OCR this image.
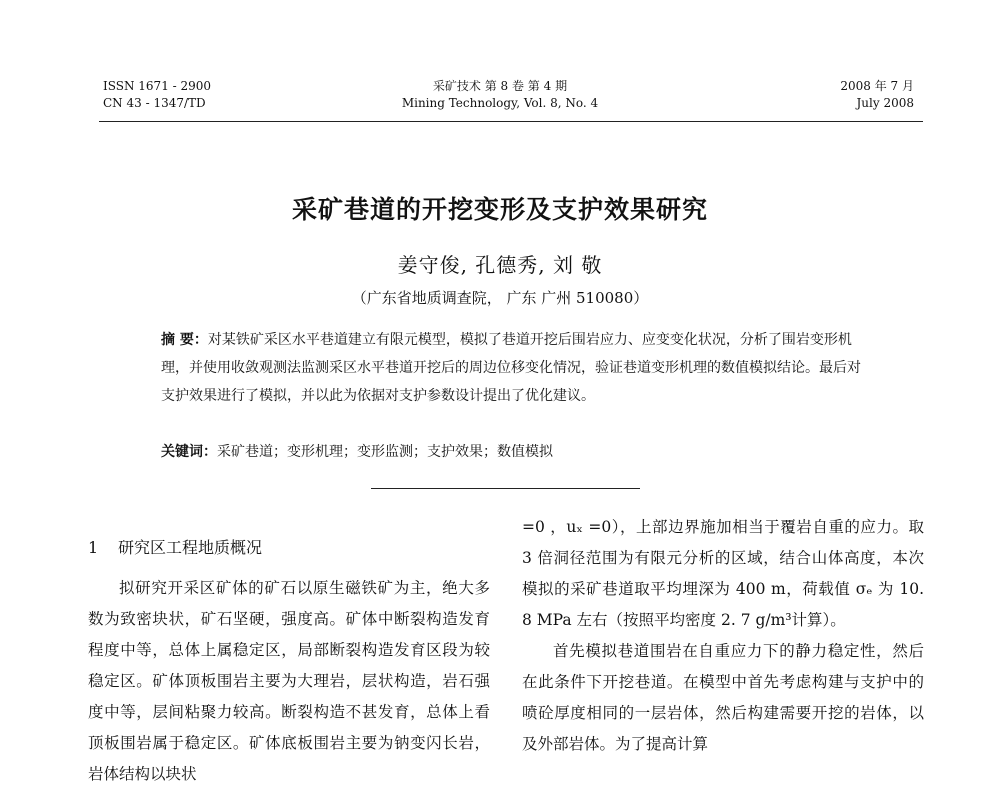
ISSN 1671 - 2900
CN 43 - 1347/TD
采矿技术 第 8 卷 第 4 期
Mining Technology, Vol. 8, No. 4
2008 年 7 月
July 2008
采矿巷道的开挖变形及支护效果研究
姜守俊, 孔德秀, 刘 敬
（广东省地质调查院， 广东 广州 510080）
摘 要：对某铁矿采区水平巷道建立有限元模型，模拟了巷道开挖后围岩应力、应变变化状况，分析了围岩变形机理，并使用收敛观测法监测采区水平巷道开挖后的周边位移变化情况，验证巷道变形机理的数值模拟结论。最后对支护效果进行了模拟，并以此为依据对支护参数设计提出了优化建议。
关键词：采矿巷道；变形机理；变形监测；支护效果；数值模拟
1 研究区工程地质概况

拟研究开采区矿体的矿石以原生磁铁矿为主，绝大多数为致密块状，矿石坚硬，强度高。矿体中断裂构造发育程度中等，总体上属稳定区，局部断裂构造发育区段为较稳定区。矿体顶板围岩主要为大理岩，层状构造，岩石强度中等，层间粘聚力较高。断裂构造不甚发育，总体上看顶板围岩属于稳定区。矿体底板围岩主要为钠变闪长岩，岩体结构以块状

=0 ，uₓ =0），上部边界施加相当于覆岩自重的应力。取 3 倍洞径范围为有限元分析的区域，结合山体高度，本次模拟的采矿巷道取平均埋深为 400 m，荷载值 σₑ 为 10. 8 MPa 左右（按照平均密度 2. 7 g/m³计算）。

首先模拟巷道围岩在自重应力下的静力稳定性，然后在此条件下开挖巷道。在模型中首先考虑构建与支护中的喷砼厚度相同的一层岩体，然后构建需要开挖的岩体，以及外部岩体。为了提高计算
